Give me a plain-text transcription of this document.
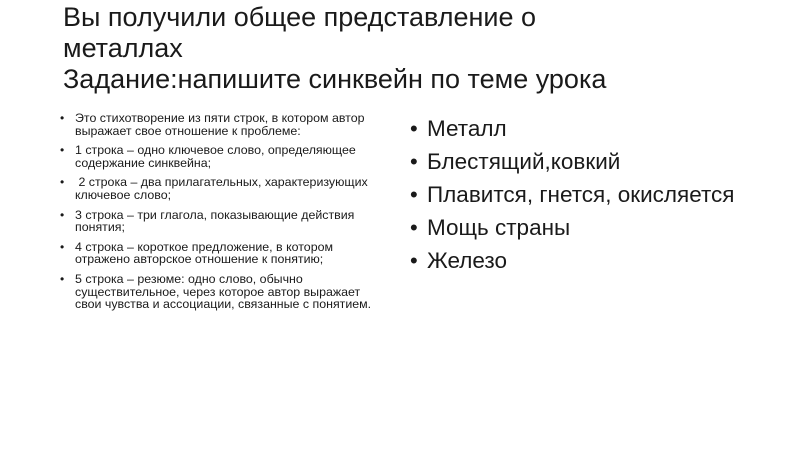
Вы получили общее представление о
металлах
Задание:напишите синквейн по теме урока
• Это стихотворение из пяти строк, в котором автор выражает свое отношение к проблеме:
• 1 строка – одно ключевое слово, определяющее содержание синквейна;
• 2 строка – два прилагательных, характеризующих ключевое слово;
• 3 строка – три глагола, показывающие действия понятия;
• 4 строка – короткое предложение, в котором отражено авторское отношение к понятию;
• 5 строка – резюме: одно слово, обычно существительное, через которое автор выражает свои чувства и ассоциации, связанные с понятием.
• Металл
• Блестящий,ковкий
• Плавится, гнется, окисляется
• Мощь страны
• Железо
